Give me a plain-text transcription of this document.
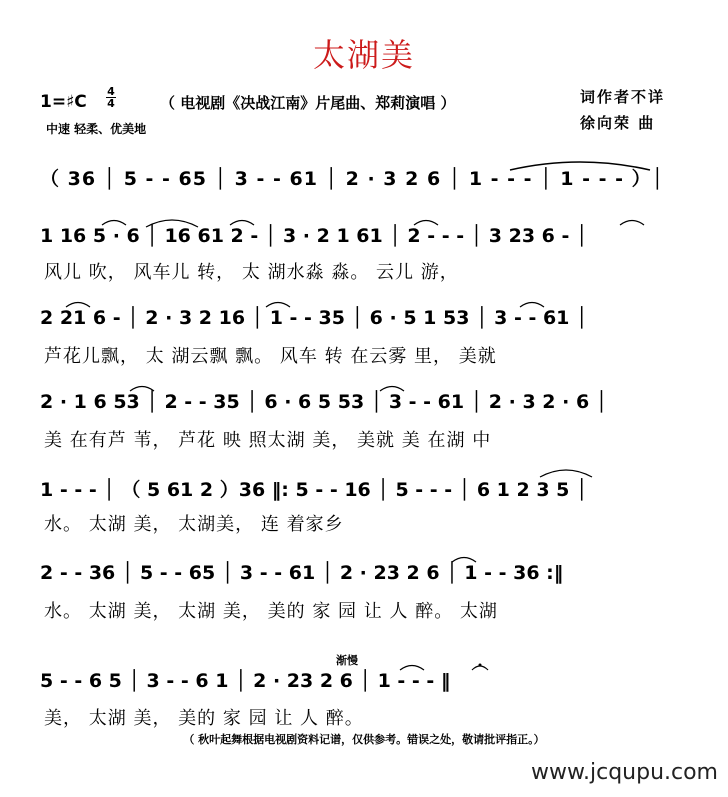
太湖美
1=♯C
4
4	（ 电视剧《决战江南》片尾曲、郑莉演唱 ）
中速 轻柔、优美地
词作者不详
徐向荣 曲
（ 36 │ 5 - - 65 │ 3 - - 61 │ 2 · 3 2 6 │ 1 - - - │ 1 - - - ）│
1 16 5 · 6 │ 16 61 2 - │ 3 · 2 1 61 │ 2 - - - │ 3 23 6 - │
风儿 吹， 风车儿 转， 太 湖水淼 淼。 云儿 游，
2 21 6 - │ 2 · 3 2 16 │ 1 - - 35 │ 6 · 5 1 53 │ 3 - - 61 │
芦花儿飘， 太 湖云飘 飘。 风车 转 在云雾 里， 美就
2 · 1 6 53 │ 2 - - 35 │ 6 · 6 5 53 │ 3 - - 61 │ 2 · 3 2 · 6 │
美 在有芦 苇， 芦花 映 照太湖 美， 美就 美 在湖 中
1 - - - │ （ 5 61 2 ）36 ‖: 5 - - 16 │ 5 - - - │ 6 1 2 3 5 │
水。 太湖 美， 太湖美， 连 着家乡
2 - - 36 │ 5 - - 65 │ 3 - - 61 │ 2 · 23 2 6 │ 1 - - 36 :‖
水。 太湖 美， 太湖 美， 美的 家 园 让 人 醉。 太湖
渐慢
5 - - 6 5 │ 3 - - 6 1 │ 2 · 23 2 6 │ 1 - - - ‖
美， 太湖 美， 美的 家 园 让 人 醉。
（ 秋叶起舞根据电视剧资料记谱，仅供参考。错误之处，敬请批评指正。）
www.jcqupu.com
